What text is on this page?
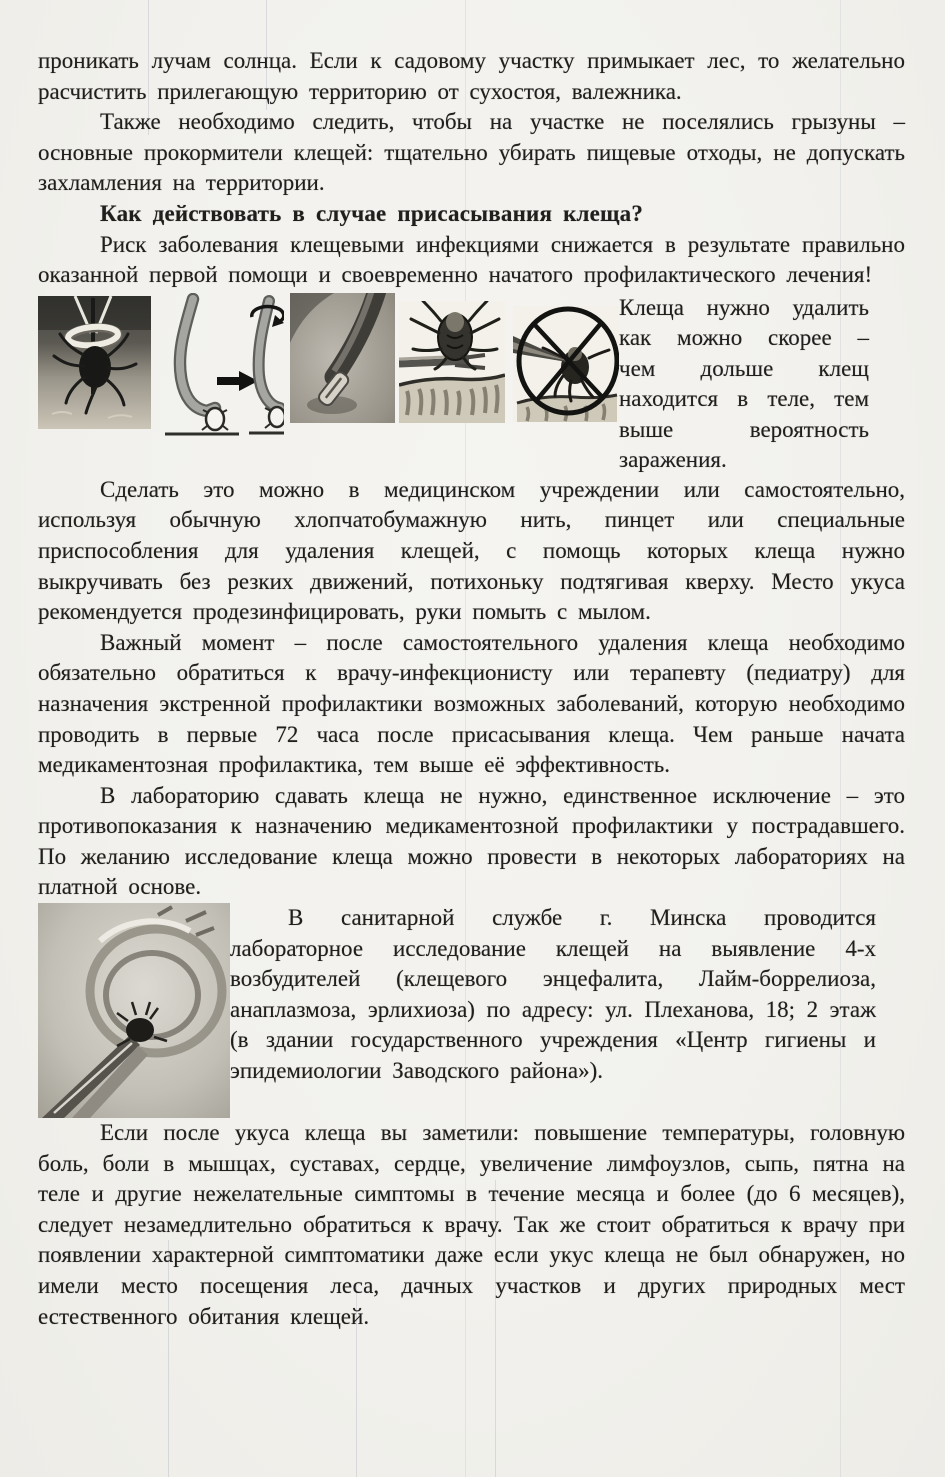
проникать лучам солнца. Если к садовому участку примыкает лес, то желательно расчистить прилегающую территорию от сухостоя, валежника.

Также необходимо следить, чтобы на участке не поселялись грызуны – основные прокормители клещей: тщательно убирать пищевые отходы, не допускать захламления на территории.

Как действовать в случае присасывания клеща?

Риск заболевания клещевыми инфекциями снижается в результате правильно оказанной первой помощи и своевременно начатого профилактического лечения!

Клеща нужно удалить как можно скорее – чем дольше клещ находится в теле, тем выше вероятность заражения.

Сделать это можно в медицинском учреждении или самостоятельно, используя обычную хлопчатобумажную нить, пинцет или специальные приспособления для удаления клещей, с помощь которых клеща нужно выкручивать без резких движений, потихоньку подтягивая кверху. Место укуса рекомендуется продезинфицировать, руки помыть с мылом.

Важный момент – после самостоятельного удаления клеща необходимо обязательно обратиться к врачу-инфекционисту или терапевту (педиатру) для назначения экстренной профилактики возможных заболеваний, которую необходимо проводить в первые 72 часа после присасывания клеща. Чем раньше начата медикаментозная профилактика, тем выше её эффективность.

В лабораторию сдавать клеща не нужно, единственное исключение – это противопоказания к назначению медикаментозной профилактики у пострадавшего. По желанию исследование клеща можно провести в некоторых лабораториях на платной основе.

В санитарной службе г. Минска проводится лабораторное исследование клещей на выявление 4-х возбудителей (клещевого энцефалита, Лайм-боррелиоза, анаплазмоза, эрлихиоза) по адресу: ул. Плеханова, 18; 2 этаж (в здании государственного учреждения «Центр гигиены и эпидемиологии Заводского района»).

Если после укуса клеща вы заметили: повышение температуры, головную боль, боли в мышцах, суставах, сердце, увеличение лимфоузлов, сыпь, пятна на теле и другие нежелательные симптомы в течение месяца и более (до 6 месяцев), следует незамедлительно обратиться к врачу. Так же стоит обратиться к врачу при появлении характерной симптоматики даже если укус клеща не был обнаружен, но имели место посещения леса, дачных участков и других природных мест естественного обитания клещей.
